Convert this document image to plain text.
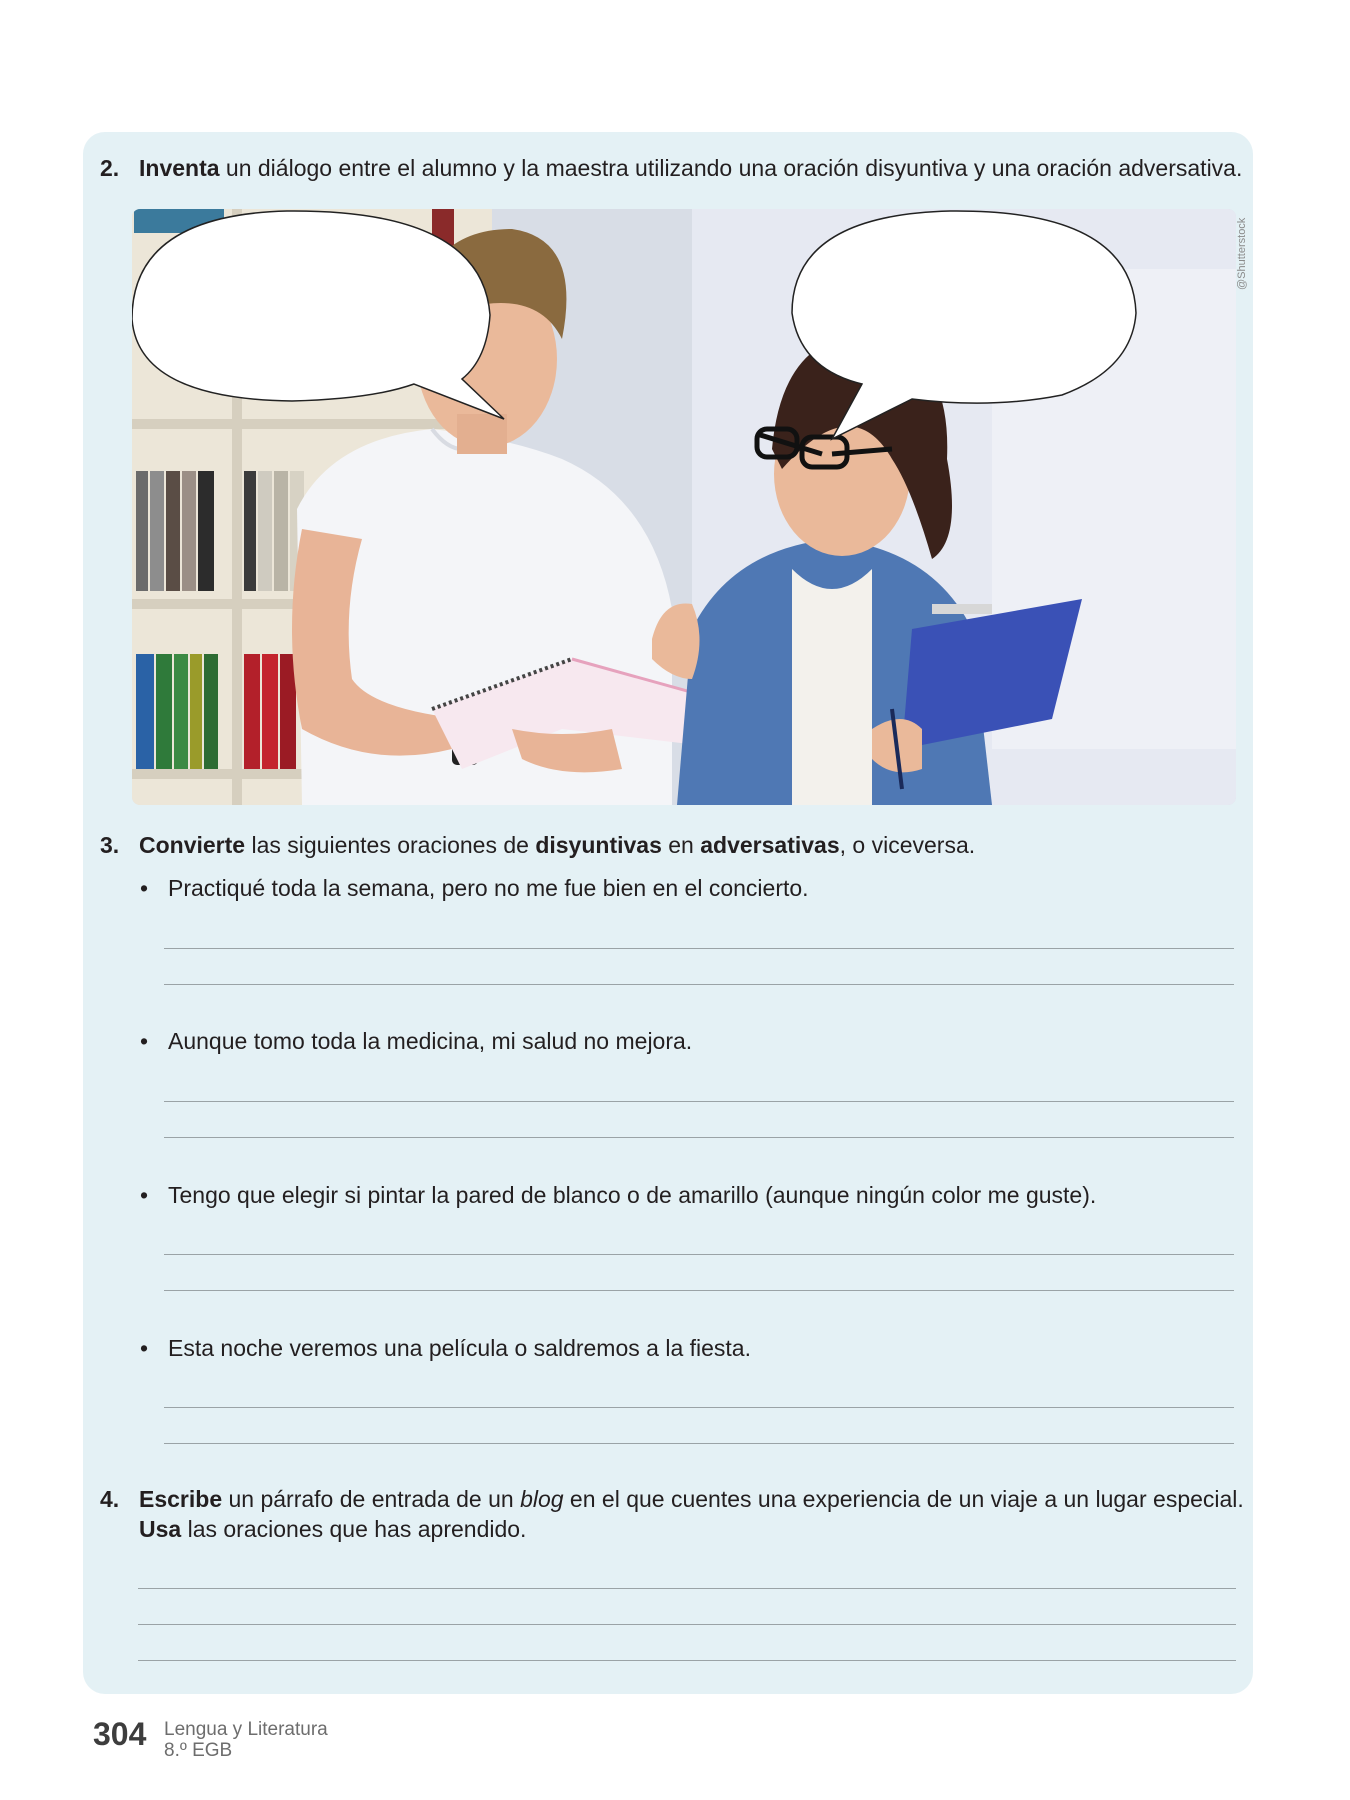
2. Inventa un diálogo entre el alumno y la maestra utilizando una oración disyuntiva y una oración adversativa.
@Shutterstock
3. Convierte las siguientes oraciones de disyuntivas en adversativas, o viceversa.
• Practiqué toda la semana, pero no me fue bien en el concierto.
• Aunque tomo toda la medicina, mi salud no mejora.
• Tengo que elegir si pintar la pared de blanco o de amarillo (aunque ningún color me guste).
• Esta noche veremos una película o saldremos a la fiesta.
4. Escribe un párrafo de entrada de un blog en el que cuentes una experiencia de un viaje a un lugar especial.
Usa las oraciones que has aprendido.
304 Lengua y Literatura
8.º EGB
